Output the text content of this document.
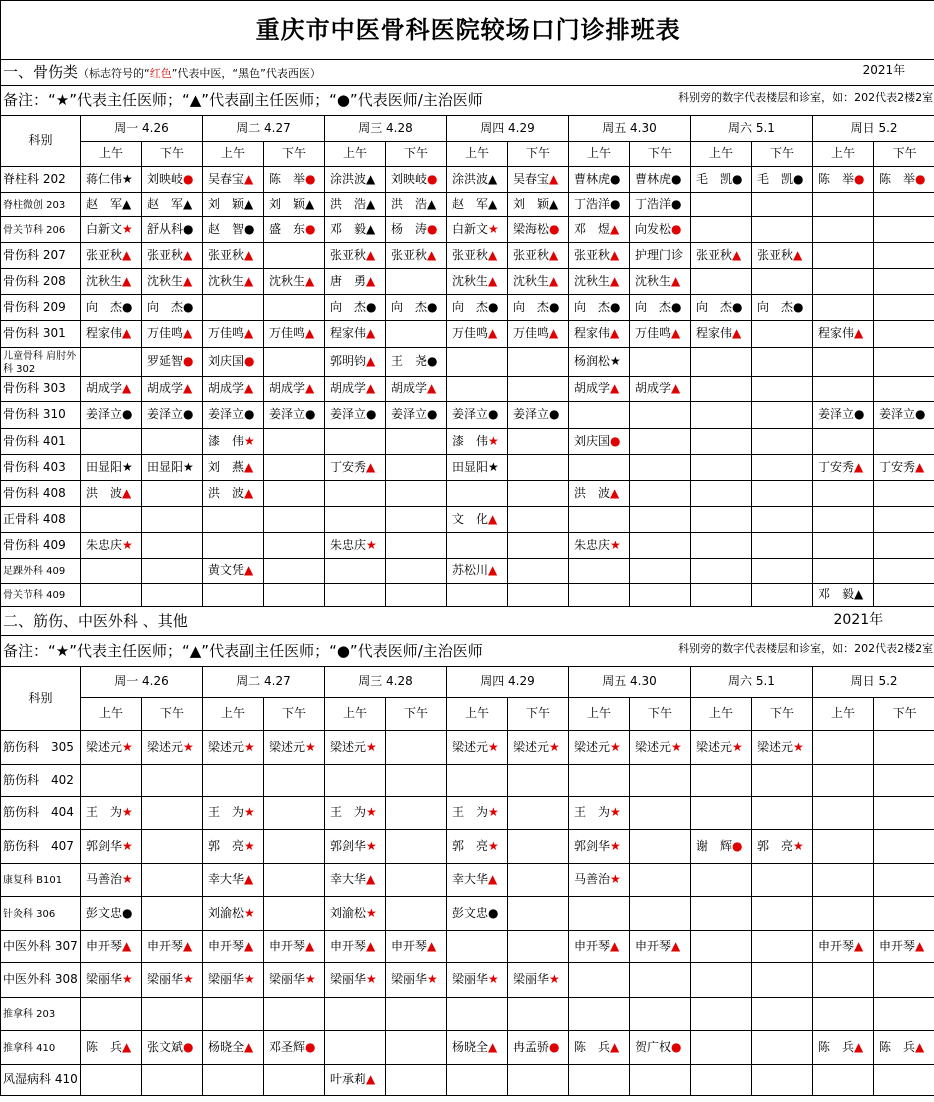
重庆市中医骨科医院较场口门诊排班表														
一、骨伤类（标志符号的“红色”代表中医，“黑色”代表西医） 2021年														

科别旁的数字代表楼层和诊室，如：202代表2楼2室
备注：“★”代表主任医师；“▲”代表副主任医师；“●”代表医师/主治医师														
科别	周一 4.26		周二 4.27		周三 4.28		周四 4.29		周五 4.30		周六 5.1		周日 5.2	
	上午	下午	上午	下午	上午	下午	上午	下午	上午	下午	上午	下午	上午	下午
脊柱科 202	蒋仁伟★	刘映岐●	吴春宝▲	陈　举●	涂洪波▲	刘映岐●	涂洪波▲	吴春宝▲	曹林虎●	曹林虎●	毛　凯●	毛　凯●	陈　举●	陈　举●
脊柱微创 203	赵　军▲	赵　军▲	刘　颖▲	刘　颖▲	洪　浩▲	洪　浩▲	赵　军▲	刘　颖▲	丁浩洋●	丁浩洋●				
骨关节科 206	白新文★	舒从科●	赵　智●	盛　东●	邓　毅▲	杨　涛●	白新文★	梁海松●	邓　煜▲	向发松●				
骨伤科 207	张亚秋▲	张亚秋▲	张亚秋▲		张亚秋▲	张亚秋▲	张亚秋▲	张亚秋▲	张亚秋▲	护理门诊	张亚秋▲	张亚秋▲		
骨伤科 208	沈秋生▲	沈秋生▲	沈秋生▲	沈秋生▲	唐　勇▲		沈秋生▲	沈秋生▲	沈秋生▲	沈秋生▲				
骨伤科 209	向　杰●	向　杰●			向　杰●	向　杰●	向　杰●	向　杰●	向　杰●	向　杰●	向　杰●	向　杰●		
骨伤科 301	程家伟▲	万佳鸣▲	万佳鸣▲	万佳鸣▲	程家伟▲		万佳鸣▲	万佳鸣▲	程家伟▲	万佳鸣▲	程家伟▲		程家伟▲	
儿童骨科 肩肘外科 302		罗延智●	刘庆国●		郭明钧▲	王　尧●			杨润松★					
骨伤科 303	胡成学▲	胡成学▲	胡成学▲	胡成学▲	胡成学▲	胡成学▲			胡成学▲	胡成学▲				
骨伤科 310	姜泽立●	姜泽立●	姜泽立●	姜泽立●	姜泽立●	姜泽立●	姜泽立●	姜泽立●					姜泽立●	姜泽立●
骨伤科 401			漆　伟★				漆　伟★		刘庆国●					
骨伤科 403	田显阳★	田显阳★	刘　燕▲		丁安秀▲		田显阳★						丁安秀▲	丁安秀▲
骨伤科 408	洪　波▲		洪　波▲						洪　波▲					
正骨科 408							文　化▲							
骨伤科 409	朱忠庆★				朱忠庆★				朱忠庆★					
足踝外科 409			黄文凭▲				苏松川▲							
骨关节科 409													邓　毅▲	
二、筋伤、中医外科 、其他 2021年														

科别旁的数字代表楼层和诊室，如：202代表2楼2室
备注：“★”代表主任医师；“▲”代表副主任医师；“●”代表医师/主治医师														
科别	周一 4.26		周二 4.27		周三 4.28		周四 4.29		周五 4.30		周六 5.1		周日 5.2	
	上午	下午	上午	下午	上午	下午	上午	下午	上午	下午	上午	下午	上午	下午
筋伤科　305	梁述元★	梁述元★	梁述元★	梁述元★	梁述元★		梁述元★	梁述元★	梁述元★	梁述元★	梁述元★	梁述元★		
筋伤科　402														
筋伤科　404	王　为★		王　为★		王　为★		王　为★		王　为★					
筋伤科　407	郭剑华★		郭　亮★		郭剑华★		郭　亮★		郭剑华★		谢　辉●	郭　亮★		
康复科 B101	马善治★		幸大华▲		幸大华▲		幸大华▲		马善治★					
针灸科 306	彭文忠●		刘渝松★		刘渝松★		彭文忠●							
中医外科 307	申开琴▲	申开琴▲	申开琴▲	申开琴▲	申开琴▲	申开琴▲			申开琴▲	申开琴▲			申开琴▲	申开琴▲
中医外科 308	梁丽华★	梁丽华★	梁丽华★	梁丽华★	梁丽华★	梁丽华★	梁丽华★	梁丽华★						
推拿科 203														
推拿科 410	陈　兵▲	张文斌●	杨晓全▲	邓圣辉●			杨晓全▲	冉孟骄●	陈　兵▲	贺广权●			陈　兵▲	陈　兵▲
风湿病科 410					叶承莉▲									
